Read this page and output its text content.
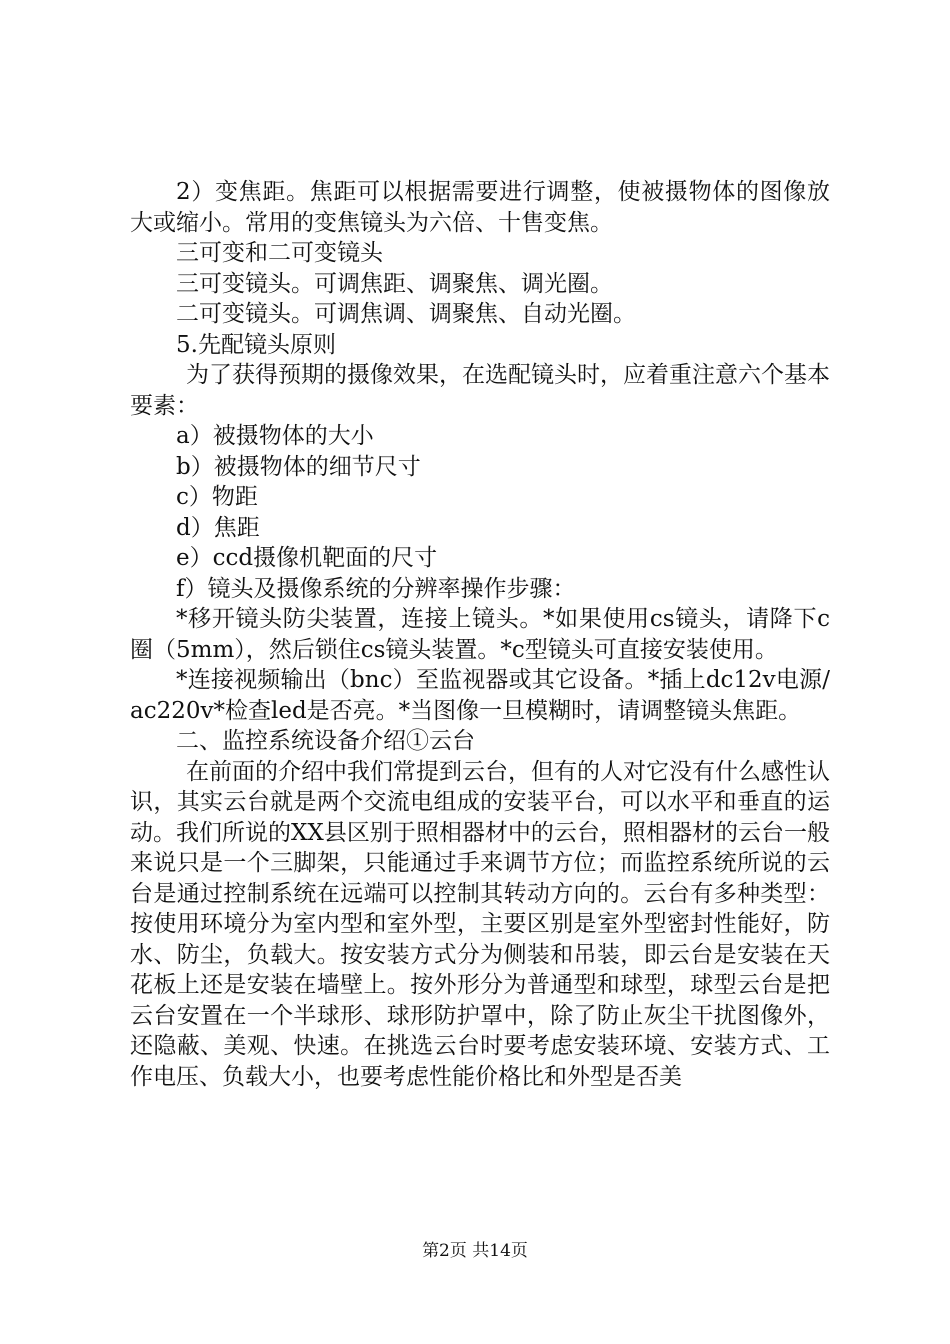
2）变焦距。焦距可以根据需要进行调整，使被摄物体的图像放大或缩小。常用的变焦镜头为六倍、十售变焦。

三可变和二可变镜头

三可变镜头。可调焦距、调聚焦、调光圈。

二可变镜头。可调焦调、调聚焦、自动光圈。

5.先配镜头原则

为了获得预期的摄像效果，在选配镜头时，应着重注意六个基本要素：

a）被摄物体的大小

b）被摄物体的细节尺寸

c）物距

d）焦距

e）ccd摄像机靶面的尺寸

f）镜头及摄像系统的分辨率操作步骤：

*移开镜头防尖装置，连接上镜头。*如果使用cs镜头，请降下c圈（5mm），然后锁住cs镜头装置。*c型镜头可直接安装使用。

*连接视频输出（bnc）至监视器或其它设备。*插上dc12v电源/ac220v*检查led是否亮。*当图像一旦模糊时，请调整镜头焦距。

二、监控系统设备介绍①云台

在前面的介绍中我们常提到云台，但有的人对它没有什么感性认识，其实云台就是两个交流电组成的安装平台，可以水平和垂直的运动。我们所说的XX县区别于照相器材中的云台，照相器材的云台一般来说只是一个三脚架，只能通过手来调节方位；而监控系统所说的云台是通过控制系统在远端可以控制其转动方向的。云台有多种类型：按使用环境分为室内型和室外型，主要区别是室外型密封性能好，防水、防尘，负载大。按安装方式分为侧装和吊装，即云台是安装在天花板上还是安装在墙壁上。按外形分为普通型和球型，球型云台是把云台安置在一个半球形、球形防护罩中，除了防止灰尘干扰图像外，还隐蔽、美观、快速。在挑选云台时要考虑安装环境、安装方式、工作电压、负载大小，也要考虑性能价格比和外型是否美

第2页 共14页
